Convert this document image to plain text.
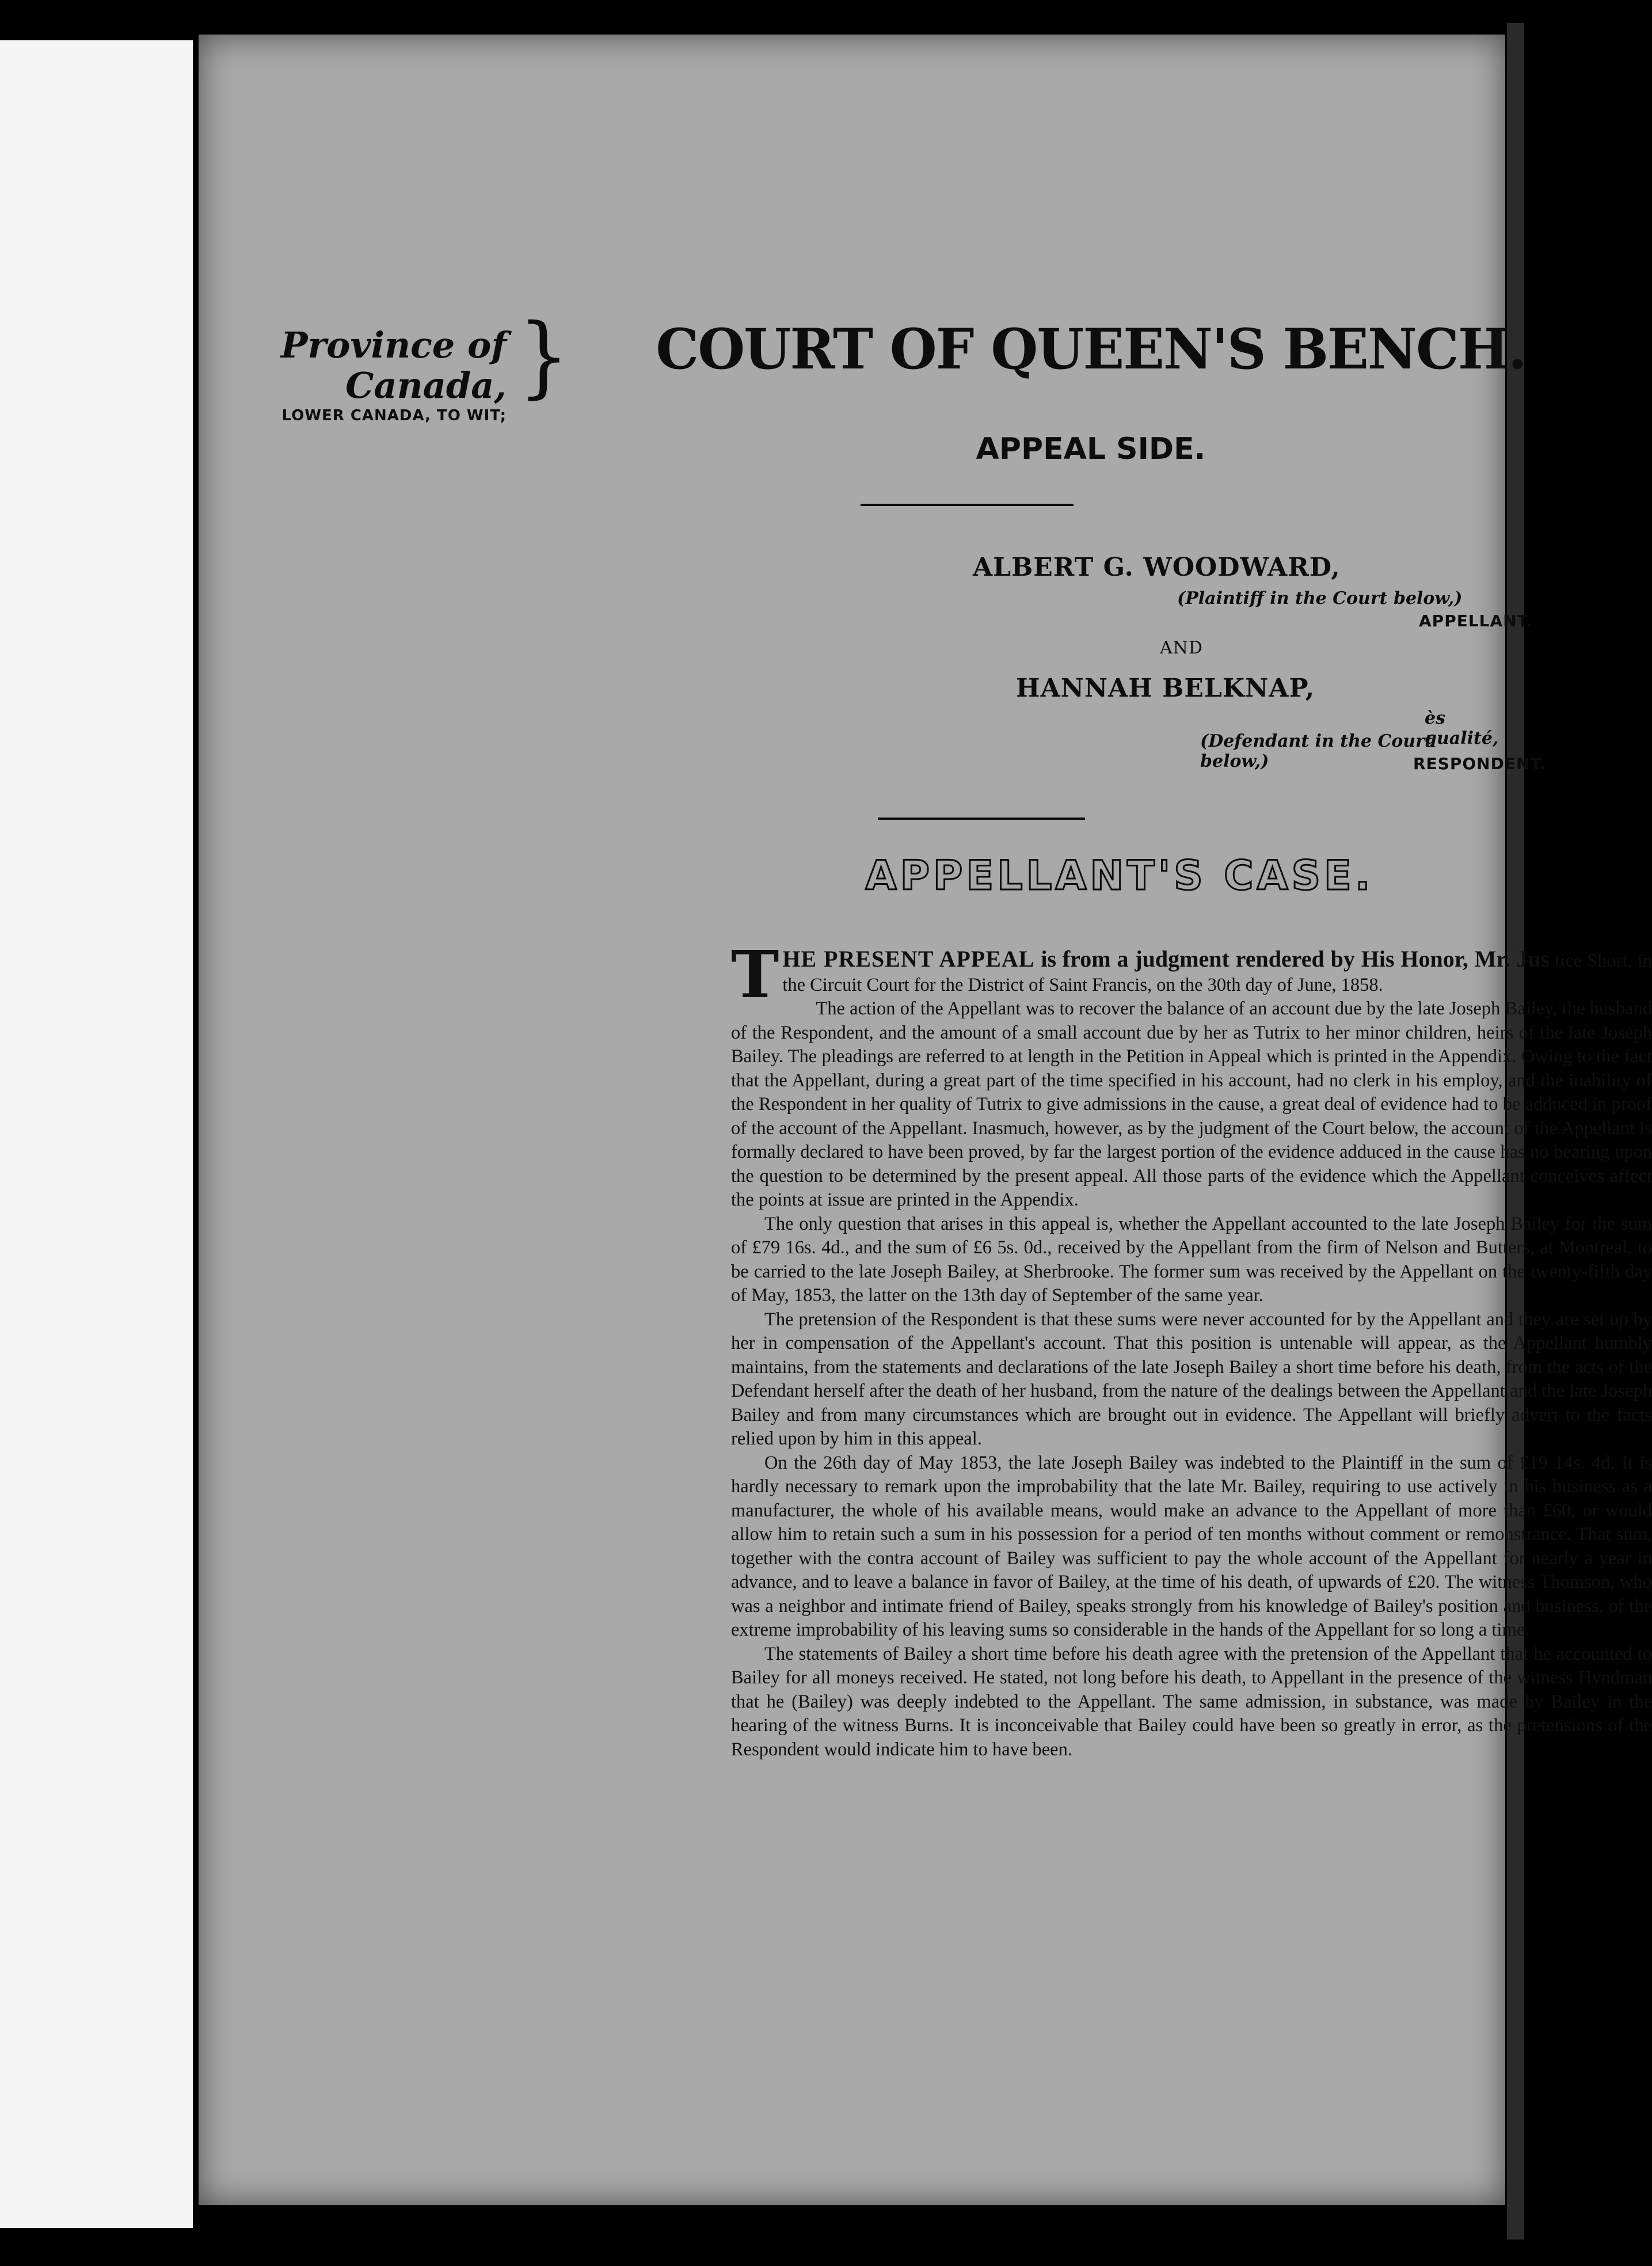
Province of Canada,
LOWER CANADA, TO WIT;
}	COURT OF QUEEN'S BENCH.
APPEAL SIDE.
ALBERT G. WOODWARD,
(Plaintiff in the Court below,)
APPELLANT.
AND
HANNAH BELKNAP,
ès qualité,
(Defendant in the Court below,)	RESPONDENT.
APPELLANT'S CASE.

THE PRESENT APPEAL is from a judgment rendered by His Honor, Mr. Jus tice Short, in the Circuit Court for the District of Saint Francis, on the 30th day of June, 1858.

The action of the Appellant was to recover the balance of an account due by the late Joseph Bailey, the husband of the Respondent, and the amount of a small account due by her as Tutrix to her minor children, heirs of the late Joseph Bailey. The pleadings are referred to at length in the Petition in Appeal which is printed in the Appendix. Owing to the fact that the Appellant, during a great part of the time specified in his account, had no clerk in his employ, and the inability of the Respondent in her quality of Tutrix to give admissions in the cause, a great deal of evidence had to be adduced in proof of the account of the Appellant. Inasmuch, however, as by the judgment of the Court below, the account of the Appellant is formally declared to have been proved, by far the largest portion of the evidence adduced in the cause has no bearing upon the question to be determined by the present appeal. All those parts of the evidence which the Appellant conceives affect the points at issue are printed in the Appendix.

The only question that arises in this appeal is, whether the Appellant accounted to the late Joseph Bailey for the sum of £79 16s. 4d., and the sum of £6 5s. 0d., received by the Appellant from the firm of Nelson and Butters, at Montreal, to be carried to the late Joseph Bailey, at Sherbrooke. The former sum was received by the Appellant on the twenty-fifth day of May, 1853, the latter on the 13th day of September of the same year.

The pretension of the Respondent is that these sums were never accounted for by the Appellant and they are set up by her in compensation of the Appellant's account. That this position is untenable will appear, as the Appellant humbly maintains, from the statements and declarations of the late Joseph Bailey a short time before his death, from the acts of the Defendant herself after the death of her husband, from the nature of the dealings between the Appellant and the late Joseph Bailey and from many circumstances which are brought out in evidence. The Appellant will briefly advert to the facts relied upon by him in this appeal.

On the 26th day of May 1853, the late Joseph Bailey was indebted to the Plaintiff in the sum of £19 14s. 4d. It is hardly necessary to remark upon the improbability that the late Mr. Bailey, requiring to use actively in his business as a manufacturer, the whole of his available means, would make an advance to the Appellant of more than £60, or would allow him to retain such a sum in his possession for a period of ten months without comment or remonstrance. That sum, together with the contra account of Bailey was sufficient to pay the whole account of the Appellant for nearly a year in advance, and to leave a balance in favor of Bailey, at the time of his death, of upwards of £20. The witness Thomson, who was a neighbor and intimate friend of Bailey, speaks strongly from his knowledge of Bailey's position and business, of the extreme improbability of his leaving sums so considerable in the hands of the Appellant for so long a time.

The statements of Bailey a short time before his death agree with the pretension of the Appellant that he accounted to Bailey for all moneys received. He stated, not long before his death, to Appellant in the presence of the witness Hyndman that he (Bailey) was deeply indebted to the Appellant. The same admission, in substance, was made by Bailey in the hearing of the witness Burns. It is inconceivable that Bailey could have been so greatly in error, as the pretensions of the Respondent would indicate him to have been.
